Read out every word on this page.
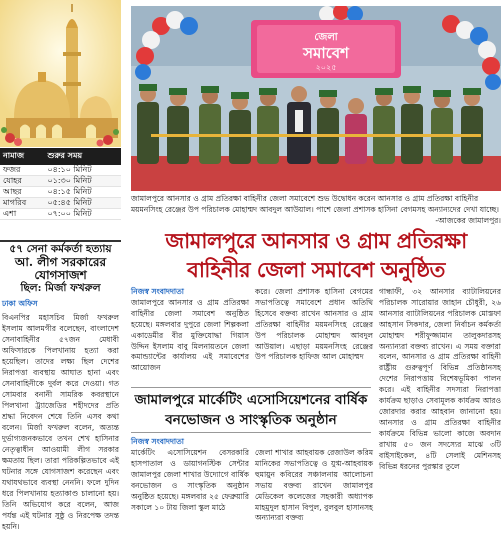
নামাজ	শুরুর সময়
ফজর	০৪:১০ মিনিট
যোহর	০১:৩০ মিনিট
আছর	০৪:১৫ মিনিট
মাগরিব	০৫:৪৫ মিনিট
এশা	০৭:০০ মিনিট
৫৭ সেনা কর্মকর্তা হত্যায়
আ. লীগ সরকারের যোগসাজশ
ছিল: মির্জা ফখরুল
ঢাকা অফিস
বিএনপির মহাসচিব মির্জা ফখরুল ইসলাম আলমগীর বলেছেন, বাংলাদেশ সেনাবাহিনীর ৫৭জন মেধাবী অফিসারকে পিলখানায় হত্যা করা হয়েছিল। তাদের লক্ষ্য ছিল দেশের নিরাপত্তা ব্যবস্থায় আঘাত হানা এবং সেনাবাহিনীকে দুর্বল করে দেওয়া। গত সোমবার বনানী সামরিক কবরস্থানে পিলখানা ট্র্যাজেডির শহীদদের প্রতি শ্রদ্ধা নিবেদন শেষে তিনি এসব কথা বলেন। মির্জা ফখরুল বলেন, অত্যন্ত দুর্ভাগ্যজনকভাবে তখন শেখ হাসিনার নেতৃত্বাধীন আওয়ামী লীগ সরকার ক্ষমতায় ছিল। তারা পরিকল্পিতভাবে এই ঘটনার সঙ্গে যোগসাজশ করেছেন এবং যথাযথভাবে ব্যবস্থা নেননি। ফলে দুদিন ধরে পিলখানায় হত্যাকাণ্ড চালানো হয়। তিনি অভিযোগ করে বলেন, আজ পর্যন্ত এই ঘটনার সুষ্ঠু ও নিরপেক্ষ তদন্ত হয়নি।
জেলা
সমাবেশ
২০২৫
জামালপুরে আনসার ও গ্রাম প্রতিরক্ষা বাহিনীর জেলা সমাবেশে শুভ উদ্বোধন করেন আনসার ও গ্রাম প্রতিরক্ষা বাহিনীর ময়মনসিংহ রেঞ্জের উপ পরিচালক মোহাম্মদ আবদুল আউয়াল। পাশে জেলা প্রশাসক হাসিনা বেগমসহ অন্যান্যদের দেখা যাচ্ছে।
-আজকের জামালপুর।
জামালপুরে আনসার ও গ্রাম প্রতিরক্ষা
বাহিনীর জেলা সমাবেশ অনুষ্ঠিত
নিজস্ব সংবাদদাতা
জামালপুরে আনসার ও গ্রাম প্রতিরক্ষা বাহিনীর জেলা সমাবেশ অনুষ্ঠিত হয়েছে। মঙ্গলবার দুপুরে জেলা শিল্পকলা একাডেমীর বীর মুক্তিযোদ্ধা গিয়াস উদ্দিন ইসলাম বাবু মিলনায়তনে জেলা কমান্ড্যান্টের কার্যালয় এই সমাবেশের আয়োজন
করে। জেলা প্রশাসক হাসিনা বেগমের সভাপতিত্বে সমাবেশে প্রধান অতিথি হিসেবে বক্তব্য রাখেন আনসার ও গ্রাম প্রতিরক্ষা বাহিনীর ময়মনসিংহ রেঞ্জের উপ পরিচালক মোহাম্মদ আবদুল আউয়াল। এছাড়া ময়মনসিংহ রেঞ্জের উপ পরিচালক হাফিজ আল মোহাম্মদ
গান্ধাফী, ৩২ আনসার ব্যাটালিয়নের পরিচালক সারোয়ার জাহান চৌধুরী, ২৬ আনসার ব্যাটালিয়নের পরিচালক মোস্তফা আহসান সিকদার, জেলা নির্বাচন কর্মকর্তা মোহাম্মদ শরীফুজ্জামান তালুকদারসহ অন্যান্যরা বক্তব্য রাখেন। এ সময় বক্তারা বলেন, আনসার ও গ্রাম প্রতিরক্ষা বাহিনী রাষ্ট্রীয় গুরুত্বপূর্ণ বিভিন্ন প্রতিষ্ঠানসহ দেশের নিরাপত্তায় বিশেষভূমিকা পালন করে। এই বাহিনীর সদস্যরা নিরাপত্তা কার্যক্রম ছাড়াও সেবামূলক কার্যক্রম আরও জোরদার করার আহবান জানানো হয়। আনসার ও গ্রাম প্রতিরক্ষা বাহিনীর কার্যক্রমে বিভিন্ন ভালো কাজে অবদান রাখায় ৫০ জন সদস্যের মাঝে ৩টি বাইসাইকেল, ৪টি সেলাই মেশিনসহ বিভিন্ন ধরনের পুরস্কার তুলে
জামালপুরে মার্কেটিং এসোসিয়েশনের বার্ষিক
বনভোজন ও সাংস্কৃতিক অনুষ্ঠান
নিজস্ব সংবাদদাতা
মার্কেটিং এসোসিয়েশন বেসরকারি হাসপাতাল ও ডায়াগনস্টিক সেন্টার জামালপুর জেলা শাখার উদ্যোগে বার্ষিক বনভোজন ও সাংস্কৃতিক অনুষ্ঠান অনুষ্ঠিত হয়েছে। মঙ্গলবার ২৫ ফেব্রুয়ারি সকালে ১০ টায় জিলা স্কুল মাঠে
জেলা শাখার আহবায়ক রেজাউল করিম মানিকের সভাপতিত্বে ও যুগ্ম-আহবায়ক হুমায়ুন কবিরের সঞ্চালনায় আলোচনা সভায় বক্তব্য রাখেন জামালপুর মেডিকেল কলেজের সহকারী অধ্যাপক মাহমুদুল হাসান বিপুল, বুলবুল হাসানসহ অন্যান্যরা বক্তব্য
